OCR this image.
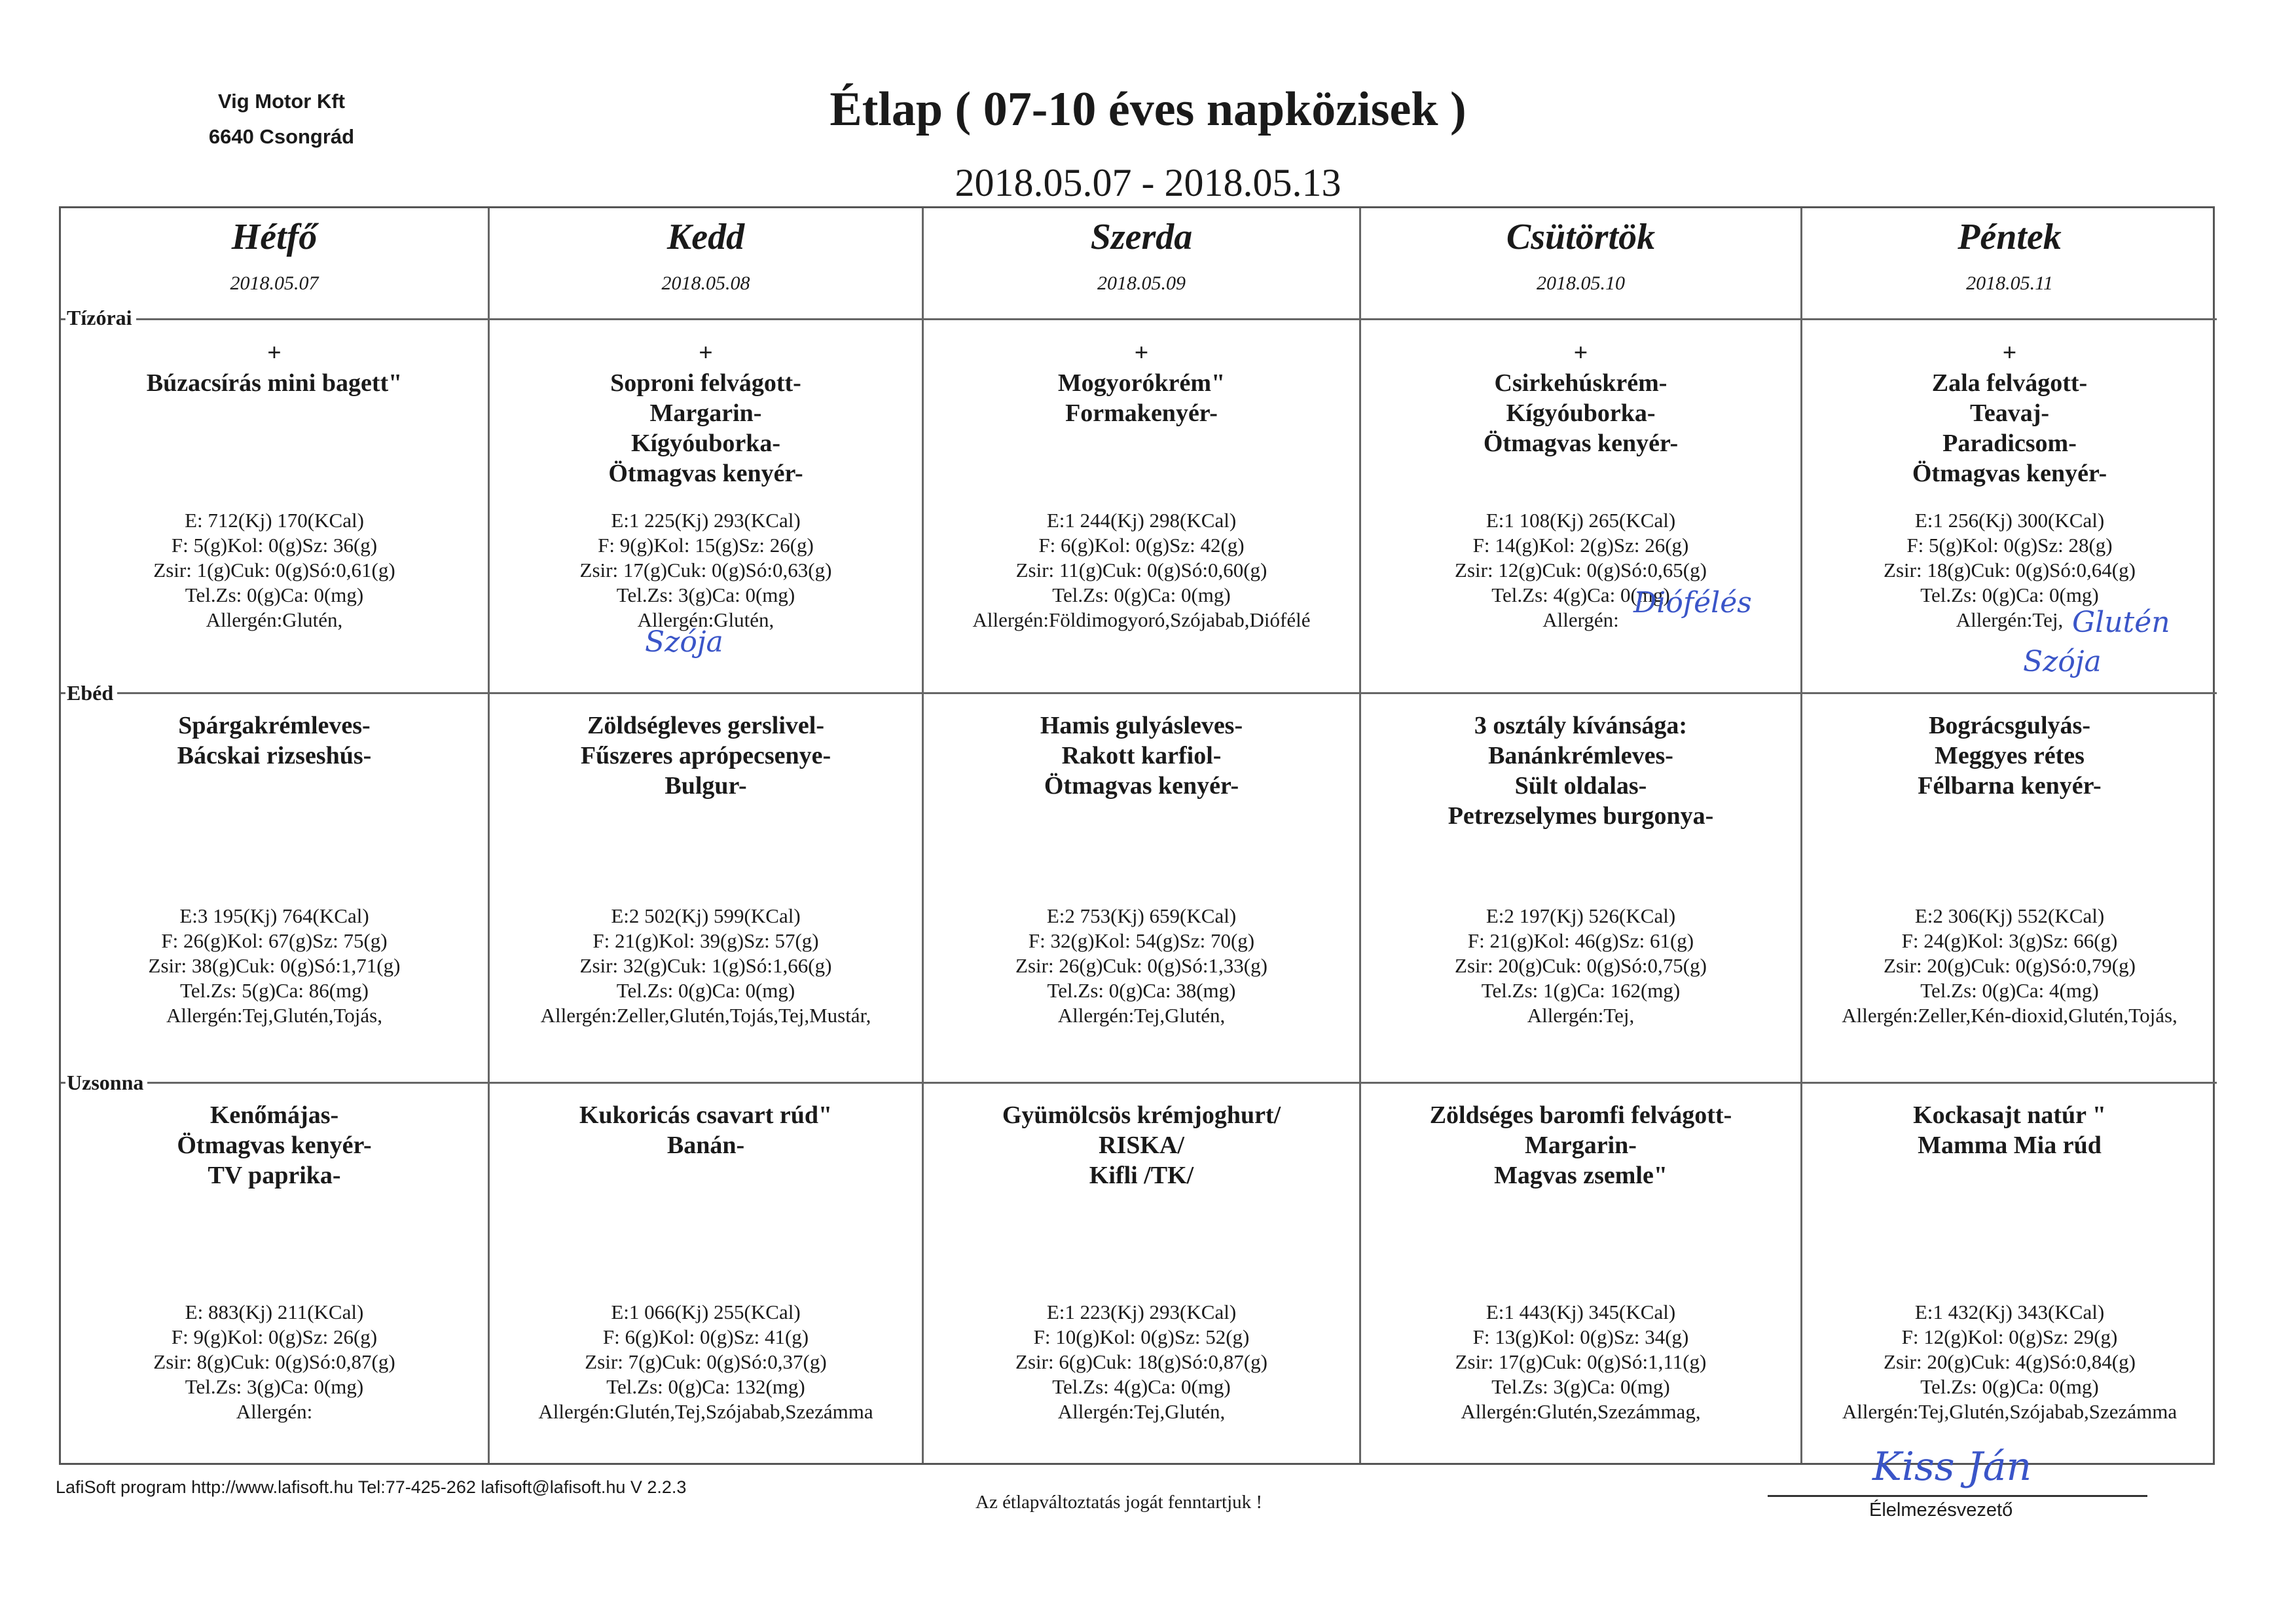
Vig Motor Kft
6640 Csongrád
Étlap ( 07-10 éves napközisek )
2018.05.07 - 2018.05.13
Hétfő
2018.05.07
+
Búzacsírás mini bagett"
E: 712(Kj) 170(KCal)
F: 5(g)Kol: 0(g)Sz: 36(g)
Zsir: 1(g)Cuk: 0(g)Só:0,61(g)
Tel.Zs: 0(g)Ca: 0(mg)
Allergén:Glutén,
Spárgakrémleves-
Bácskai rizseshús-
E:3 195(Kj) 764(KCal)
F: 26(g)Kol: 67(g)Sz: 75(g)
Zsir: 38(g)Cuk: 0(g)Só:1,71(g)
Tel.Zs: 5(g)Ca: 86(mg)
Allergén:Tej,Glutén,Tojás,
Kenőmájas-
Ötmagvas kenyér-
TV paprika-
E: 883(Kj) 211(KCal)
F: 9(g)Kol: 0(g)Sz: 26(g)
Zsir: 8(g)Cuk: 0(g)Só:0,87(g)
Tel.Zs: 3(g)Ca: 0(mg)
Allergén:
Kedd
2018.05.08
+
Soproni felvágott-
Margarin-
Kígyóuborka-
Ötmagvas kenyér-
E:1 225(Kj) 293(KCal)
F: 9(g)Kol: 15(g)Sz: 26(g)
Zsir: 17(g)Cuk: 0(g)Só:0,63(g)
Tel.Zs: 3(g)Ca: 0(mg)
Allergén:Glutén,
Zöldségleves gerslivel-
Fűszeres aprópecsenye-
Bulgur-
E:2 502(Kj) 599(KCal)
F: 21(g)Kol: 39(g)Sz: 57(g)
Zsir: 32(g)Cuk: 1(g)Só:1,66(g)
Tel.Zs: 0(g)Ca: 0(mg)
Allergén:Zeller,Glutén,Tojás,Tej,Mustár,
Kukoricás csavart rúd"
Banán-
E:1 066(Kj) 255(KCal)
F: 6(g)Kol: 0(g)Sz: 41(g)
Zsir: 7(g)Cuk: 0(g)Só:0,37(g)
Tel.Zs: 0(g)Ca: 132(mg)
Allergén:Glutén,Tej,Szójabab,Szezámma
Szerda
2018.05.09
+
Mogyorókrém"
Formakenyér-
E:1 244(Kj) 298(KCal)
F: 6(g)Kol: 0(g)Sz: 42(g)
Zsir: 11(g)Cuk: 0(g)Só:0,60(g)
Tel.Zs: 0(g)Ca: 0(mg)
Allergén:Földimogyoró,Szójabab,Diófélé
Hamis gulyásleves-
Rakott karfiol-
Ötmagvas kenyér-
E:2 753(Kj) 659(KCal)
F: 32(g)Kol: 54(g)Sz: 70(g)
Zsir: 26(g)Cuk: 0(g)Só:1,33(g)
Tel.Zs: 0(g)Ca: 38(mg)
Allergén:Tej,Glutén,
Gyümölcsös krémjoghurt/
RISKA/
Kifli /TK/
E:1 223(Kj) 293(KCal)
F: 10(g)Kol: 0(g)Sz: 52(g)
Zsir: 6(g)Cuk: 18(g)Só:0,87(g)
Tel.Zs: 4(g)Ca: 0(mg)
Allergén:Tej,Glutén,
Csütörtök
2018.05.10
+
Csirkehúskrém-
Kígyóuborka-
Ötmagvas kenyér-
E:1 108(Kj) 265(KCal)
F: 14(g)Kol: 2(g)Sz: 26(g)
Zsir: 12(g)Cuk: 0(g)Só:0,65(g)
Tel.Zs: 4(g)Ca: 0(mg)
Allergén:
3 osztály kívánsága:
Banánkrémleves-
Sült oldalas-
Petrezselymes burgonya-
E:2 197(Kj) 526(KCal)
F: 21(g)Kol: 46(g)Sz: 61(g)
Zsir: 20(g)Cuk: 0(g)Só:0,75(g)
Tel.Zs: 1(g)Ca: 162(mg)
Allergén:Tej,
Zöldséges baromfi felvágott-
Margarin-
Magvas zsemle"
E:1 443(Kj) 345(KCal)
F: 13(g)Kol: 0(g)Sz: 34(g)
Zsir: 17(g)Cuk: 0(g)Só:1,11(g)
Tel.Zs: 3(g)Ca: 0(mg)
Allergén:Glutén,Szezámmag,
Péntek
2018.05.11
+
Zala felvágott-
Teavaj-
Paradicsom-
Ötmagvas kenyér-
E:1 256(Kj) 300(KCal)
F: 5(g)Kol: 0(g)Sz: 28(g)
Zsir: 18(g)Cuk: 0(g)Só:0,64(g)
Tel.Zs: 0(g)Ca: 0(mg)
Allergén:Tej,
Bográcsgulyás-
Meggyes rétes
Félbarna kenyér-
E:2 306(Kj) 552(KCal)
F: 24(g)Kol: 3(g)Sz: 66(g)
Zsir: 20(g)Cuk: 0(g)Só:0,79(g)
Tel.Zs: 0(g)Ca: 4(mg)
Allergén:Zeller,Kén-dioxid,Glutén,Tojás,
Kockasajt natúr "
Mamma Mia rúd
E:1 432(Kj) 343(KCal)
F: 12(g)Kol: 0(g)Sz: 29(g)
Zsir: 20(g)Cuk: 4(g)Só:0,84(g)
Tel.Zs: 0(g)Ca: 0(mg)
Allergén:Tej,Glutén,Szójabab,Szezámma
Tízórai
Ebéd
Uzsonna
Szója
Diófélés
Glutén
Szója
Kiss Ján
LafiSoft program http://www.lafisoft.hu Tel:77-425-262 lafisoft@lafisoft.hu V 2.2.3
Az étlapváltoztatás jogát fenntartjuk !	Élelmezésvezető
